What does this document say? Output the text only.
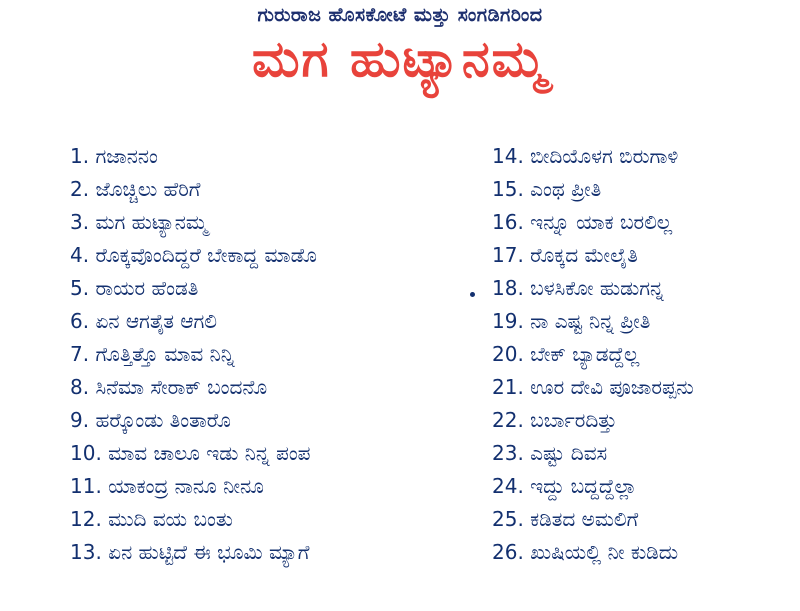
ಗುರುರಾಜ ಹೊಸಕೋಟೆ ಮತ್ತು ಸಂಗಡಿಗರಿಂದ
ಮಗ ಹುಟ್ಯಾನಮ್ಮ
1. ಗಜಾನನಂ
2. ಜೊಚ್ಚಿಲು ಹೆರಿಗೆ
3. ಮಗ ಹುಟ್ಯಾನಮ್ಮ
4. ರೊಕ್ಕವೊಂದಿದ್ದರೆ ಬೇಕಾದ್ದ ಮಾಡೊ
5. ರಾಯರ ಹೆಂಡತಿ
6. ಏನ ಆಗತೈತ ಆಗಲಿ
7. ಗೊತ್ತಿತ್ತೊ ಮಾವ ನಿನ್ನಿ
8. ಸಿನೆಮಾ ಸೇರಾಕ್ ಬಂದನೊ
9. ಹರ್‍ಕೊಂಡು ತಿಂತಾರೊ
10. ಮಾವ ಚಾಲೂ ಇಡು ನಿನ್ನ ಪಂಪ
11. ಯಾಕಂದ್ರ ನಾನೂ ನೀನೂ
12. ಮುದಿ ವಯ ಬಂತು
13. ಏನ ಹುಟ್ಟಿದೆ ಈ ಭೂಮಿ ಮ್ಯಾಗೆ
14. ಬೀದಿಯೊಳಗ ಬಿರುಗಾಳಿ
15. ಎಂಥ ಪ್ರೀತಿ
16. ಇನ್ನೂ ಯಾಕ ಬರಲಿಲ್ಲ
17. ರೊಕ್ಕದ ಮೇಲೈತಿ
18. ಬಳಸಿಕೋ ಹುಡುಗನ್ನ
19. ನಾ ಎಷ್ಟ ನಿನ್ನ ಪ್ರೀತಿ
20. ಬೇಕ್ ಬ್ಯಾಡದ್ದೆಲ್ಲ
21. ಊರ ದೇವಿ ಪೂಜಾರಪ್ಪನು
22. ಬರ್ಬಾರದಿತ್ತು
23. ಎಷ್ಟು ದಿವಸ
24. ಇದ್ದು ಬದ್ದದ್ದೆಲ್ಲಾ
25. ಕಡಿತದ ಅಮಲಿಗೆ
26. ಖುಷಿಯಲ್ಲಿ ನೀ ಕುಡಿದು
